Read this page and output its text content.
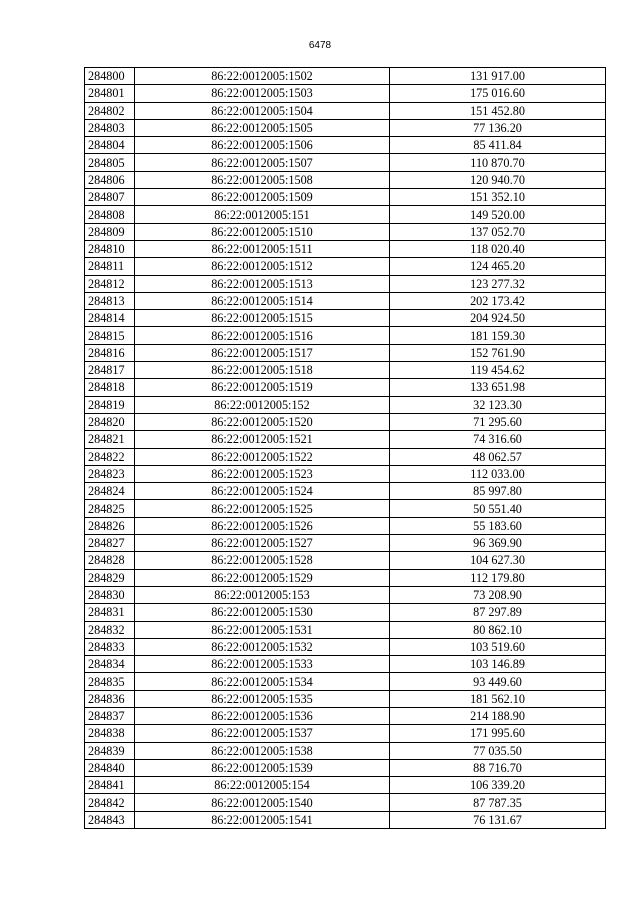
6478
284800	86:22:0012005:1502	131 917.00
284801	86:22:0012005:1503	175 016.60
284802	86:22:0012005:1504	151 452.80
284803	86:22:0012005:1505	77 136.20
284804	86:22:0012005:1506	85 411.84
284805	86:22:0012005:1507	110 870.70
284806	86:22:0012005:1508	120 940.70
284807	86:22:0012005:1509	151 352.10
284808	86:22:0012005:151	149 520.00
284809	86:22:0012005:1510	137 052.70
284810	86:22:0012005:1511	118 020.40
284811	86:22:0012005:1512	124 465.20
284812	86:22:0012005:1513	123 277.32
284813	86:22:0012005:1514	202 173.42
284814	86:22:0012005:1515	204 924.50
284815	86:22:0012005:1516	181 159.30
284816	86:22:0012005:1517	152 761.90
284817	86:22:0012005:1518	119 454.62
284818	86:22:0012005:1519	133 651.98
284819	86:22:0012005:152	32 123.30
284820	86:22:0012005:1520	71 295.60
284821	86:22:0012005:1521	74 316.60
284822	86:22:0012005:1522	48 062.57
284823	86:22:0012005:1523	112 033.00
284824	86:22:0012005:1524	85 997.80
284825	86:22:0012005:1525	50 551.40
284826	86:22:0012005:1526	55 183.60
284827	86:22:0012005:1527	96 369.90
284828	86:22:0012005:1528	104 627.30
284829	86:22:0012005:1529	112 179.80
284830	86:22:0012005:153	73 208.90
284831	86:22:0012005:1530	87 297.89
284832	86:22:0012005:1531	80 862.10
284833	86:22:0012005:1532	103 519.60
284834	86:22:0012005:1533	103 146.89
284835	86:22:0012005:1534	93 449.60
284836	86:22:0012005:1535	181 562.10
284837	86:22:0012005:1536	214 188.90
284838	86:22:0012005:1537	171 995.60
284839	86:22:0012005:1538	77 035.50
284840	86:22:0012005:1539	88 716.70
284841	86:22:0012005:154	106 339.20
284842	86:22:0012005:1540	87 787.35
284843	86:22:0012005:1541	76 131.67
